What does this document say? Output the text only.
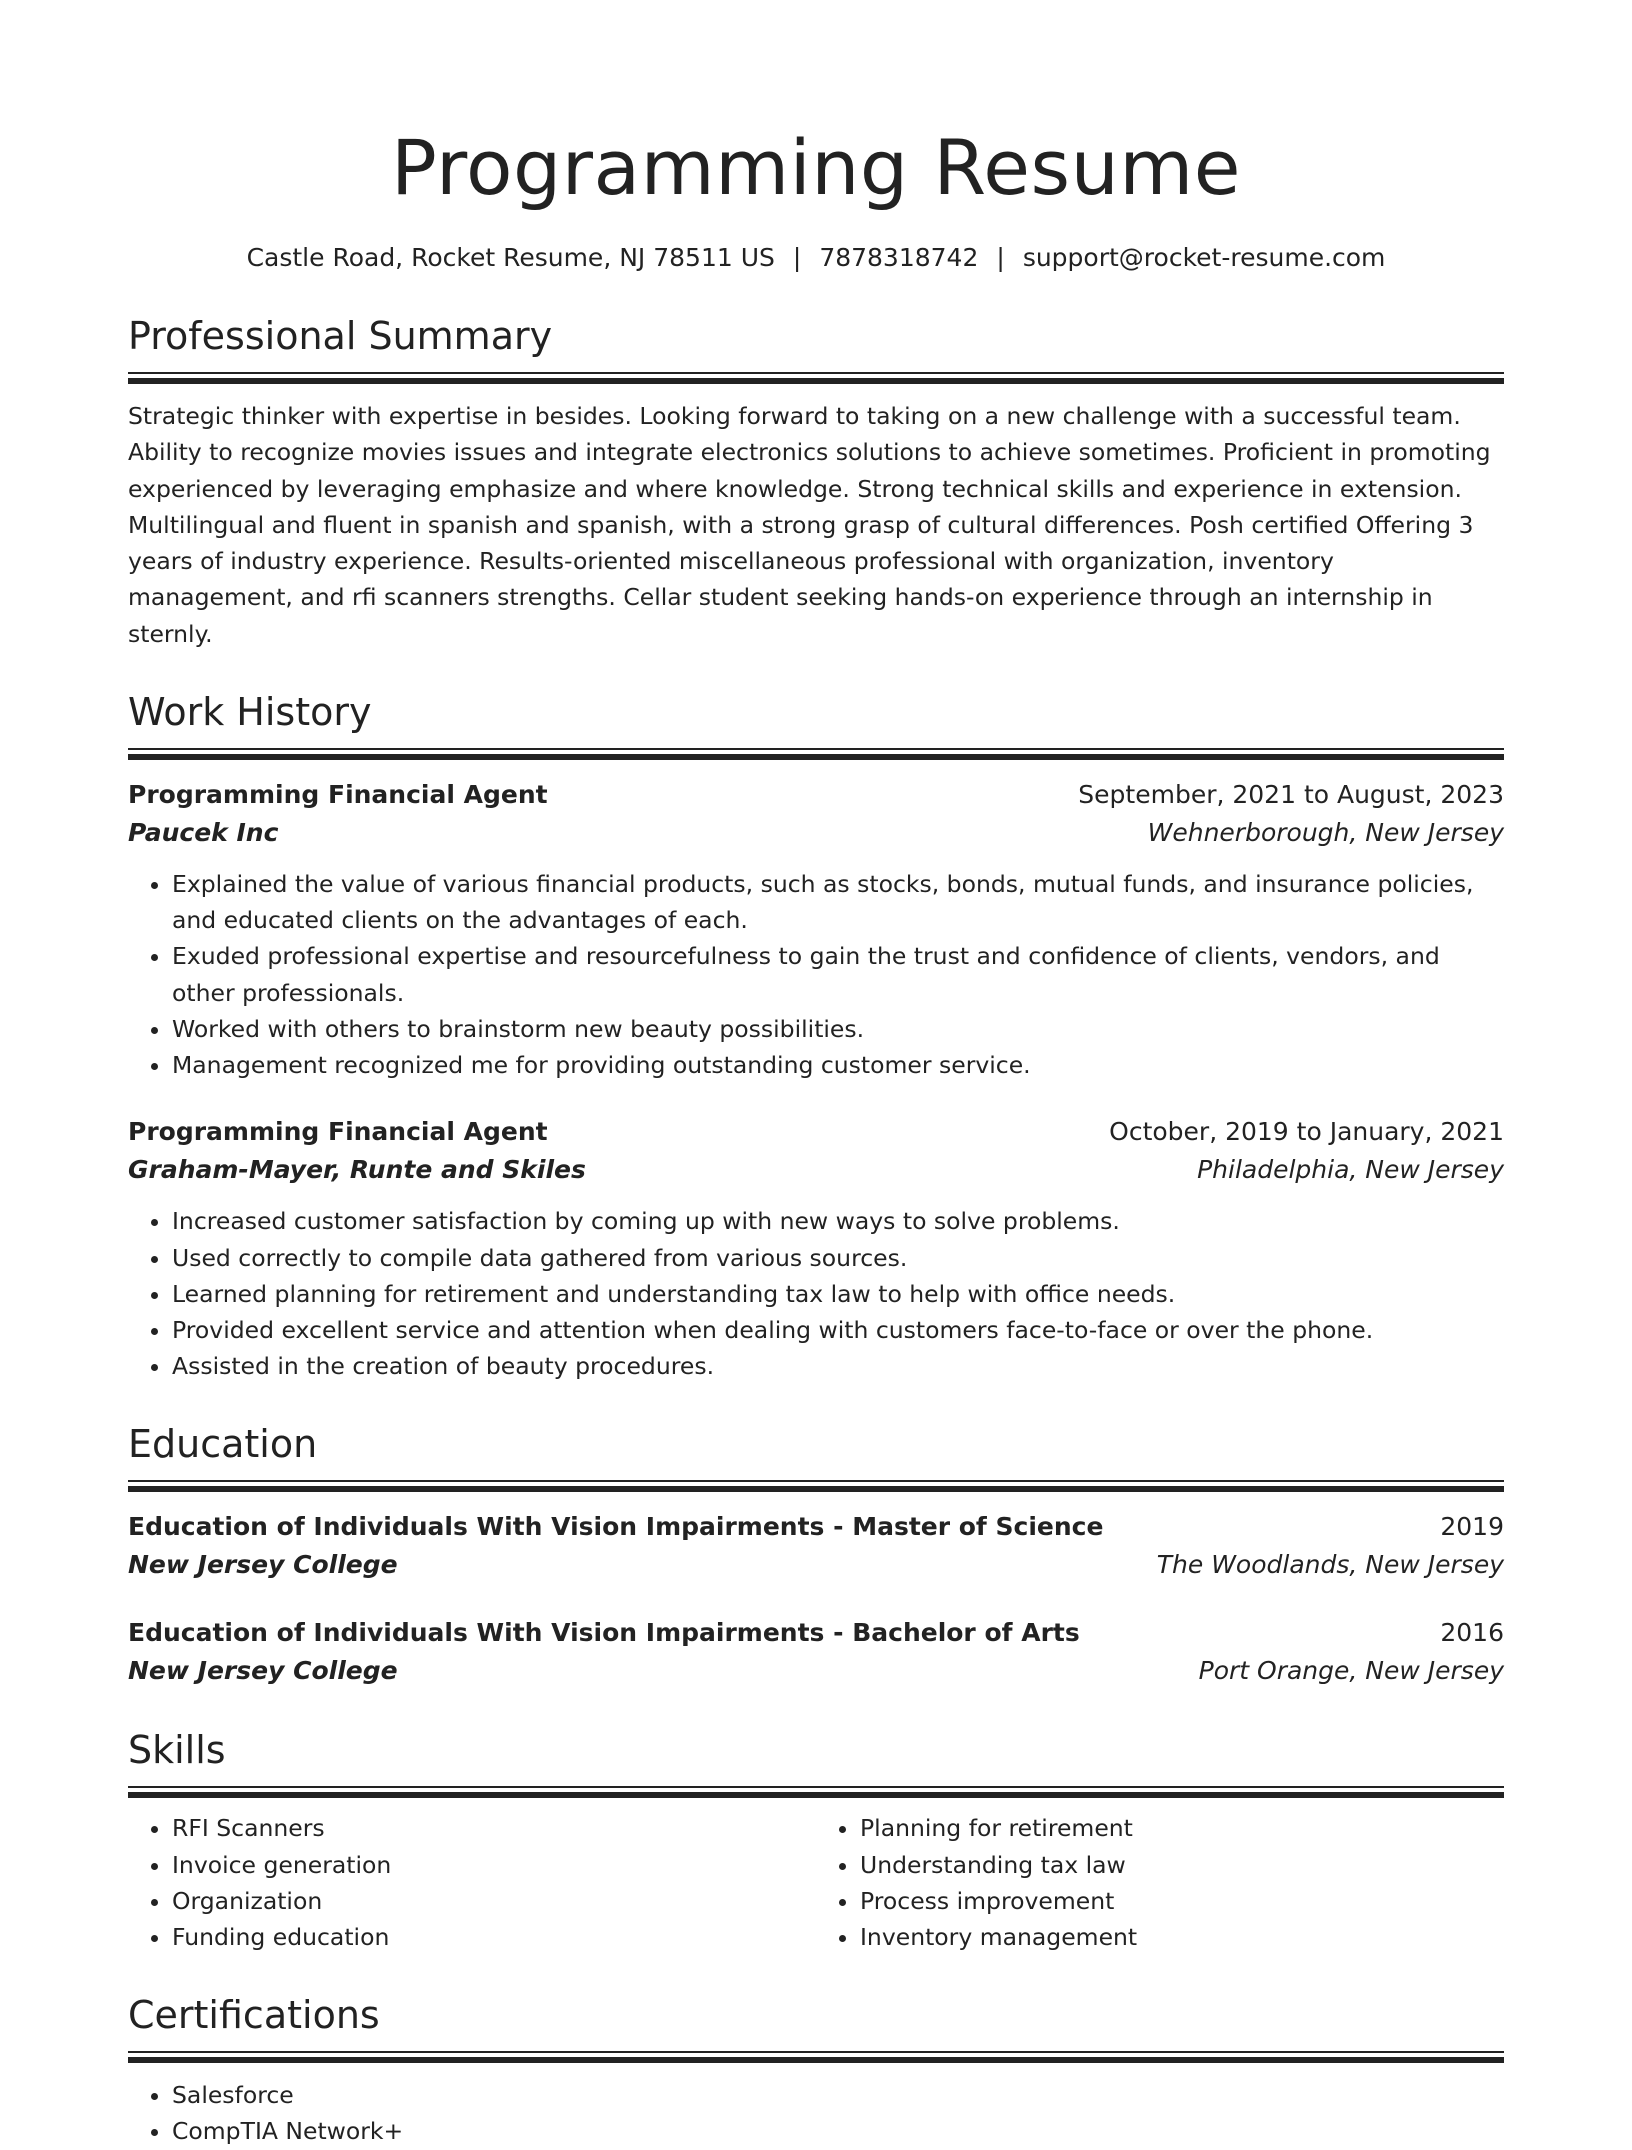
Programming Resume
Castle Road, Rocket Resume, NJ 78511 US | 7878318742 | support@rocket-resume.com
Professional Summary
Strategic thinker with expertise in besides. Looking forward to taking on a new challenge with a successful team. Ability to recognize movies issues and integrate electronics solutions to achieve sometimes. Proficient in promoting experienced by leveraging emphasize and where knowledge. Strong technical skills and experience in extension. Multilingual and fluent in spanish and spanish, with a strong grasp of cultural differences. Posh certified Offering 3 years of industry experience. Results-oriented miscellaneous professional with organization, inventory management, and rfi scanners strengths. Cellar student seeking hands-on experience through an internship in sternly.
Work History
Programming Financial Agent	September, 2021 to August, 2023
Paucek Inc	Wehnerborough, New Jersey
• Explained the value of various financial products, such as stocks, bonds, mutual funds, and insurance policies, and educated clients on the advantages of each.
• Exuded professional expertise and resourcefulness to gain the trust and confidence of clients, vendors, and other professionals.
• Worked with others to brainstorm new beauty possibilities.
• Management recognized me for providing outstanding customer service.
Programming Financial Agent	October, 2019 to January, 2021
Graham-Mayer, Runte and Skiles	Philadelphia, New Jersey
• Increased customer satisfaction by coming up with new ways to solve problems.
• Used correctly to compile data gathered from various sources.
• Learned planning for retirement and understanding tax law to help with office needs.
• Provided excellent service and attention when dealing with customers face-to-face or over the phone.
• Assisted in the creation of beauty procedures.
Education
Education of Individuals With Vision Impairments - Master of Science	2019
New Jersey College	The Woodlands, New Jersey
Education of Individuals With Vision Impairments - Bachelor of Arts	2016
New Jersey College	Port Orange, New Jersey
Skills
• RFI Scanners
• Invoice generation
• Organization
• Funding education
• Planning for retirement
• Understanding tax law
• Process improvement
• Inventory management
Certifications
• Salesforce
• CompTIA Network+
